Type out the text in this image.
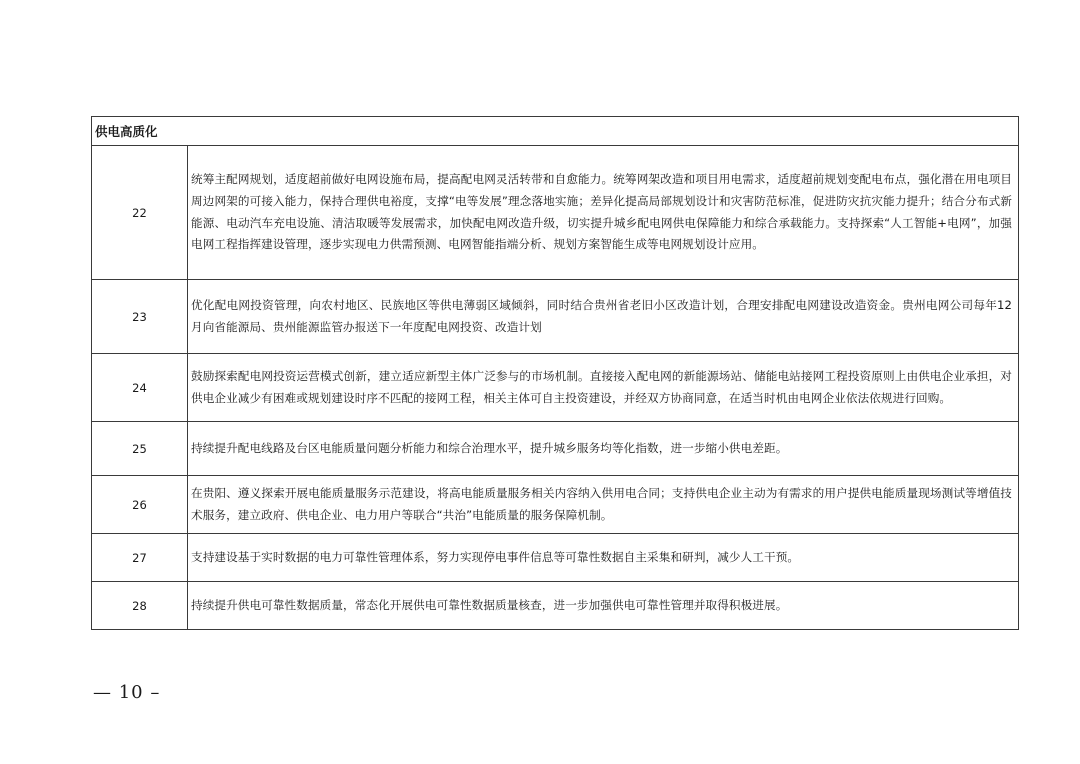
供电高质化	
22	统筹主配网规划，适度超前做好电网设施布局，提高配电网灵活转带和自愈能力。统筹网架改造和项目用电需求，适度超前规划变配电布点，强化潜在用电项目周边网架的可接入能力，保持合理供电裕度，支撑“电等发展”理念落地实施；差异化提高局部规划设计和灾害防范标准，促进防灾抗灾能力提升；结合分布式新能源、电动汽车充电设施、清洁取暖等发展需求，加快配电网改造升级，切实提升城乡配电网供电保障能力和综合承载能力。支持探索“人工智能+电网”，加强电网工程指挥建设管理，逐步实现电力供需预测、电网智能指端分析、规划方案智能生成等电网规划设计应用。
23	优化配电网投资管理，向农村地区、民族地区等供电薄弱区域倾斜，同时结合贵州省老旧小区改造计划，合理安排配电网建设改造资金。贵州电网公司每年12月向省能源局、贵州能源监管办报送下一年度配电网投资、改造计划
24	鼓励探索配电网投资运营模式创新，建立适应新型主体广泛参与的市场机制。直接接入配电网的新能源场站、储能电站接网工程投资原则上由供电企业承担，对供电企业减少有困难或规划建设时序不匹配的接网工程，相关主体可自主投资建设，并经双方协商同意，在适当时机由电网企业依法依规进行回购。
25	持续提升配电线路及台区电能质量问题分析能力和综合治理水平，提升城乡服务均等化指数，进一步缩小供电差距。
26	在贵阳、遵义探索开展电能质量服务示范建设，将高电能质量服务相关内容纳入供用电合同；支持供电企业主动为有需求的用户提供电能质量现场测试等增值技术服务，建立政府、供电企业、电力用户等联合“共治”电能质量的服务保障机制。
27	支持建设基于实时数据的电力可靠性管理体系，努力实现停电事件信息等可靠性数据自主采集和研判，减少人工干预。
28	持续提升供电可靠性数据质量，常态化开展供电可靠性数据质量核查，进一步加强供电可靠性管理并取得积极进展。
— 10 –
